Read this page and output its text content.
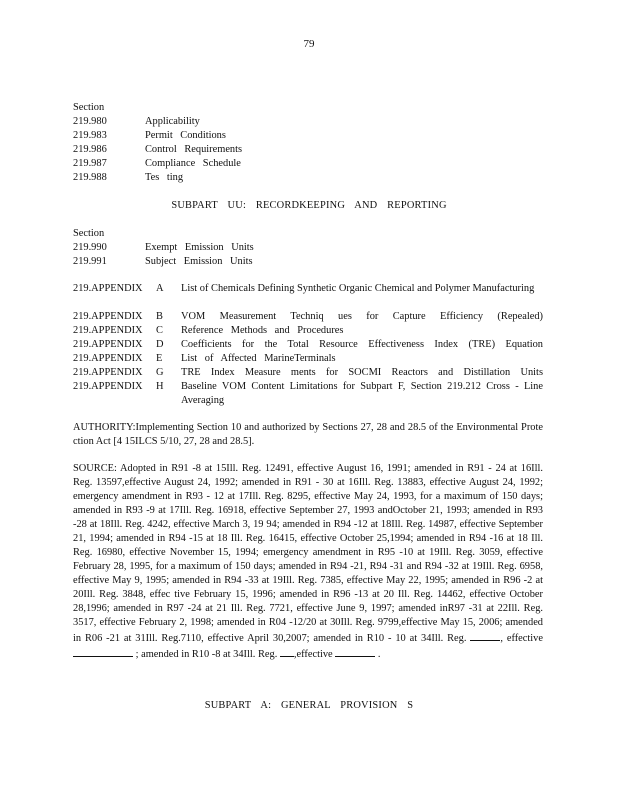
79

Section

219.980	Applicability
219.983	Permit Conditions
219.986	Control Requirements
219.987	Compliance Schedule
219.988	Tes ting

SUBPART UU: RECORDKEEPING AND REPORTING

Section

219.990	Exempt Emission Units
219.991	Subject Emission Units
219.APPENDIX A List of Chemicals Defining Synthetic Organic Chemical and Polymer Manufacturing
219.APPENDIX B VOM Measurement Techniq ues for Capture Efficiency (Repealed)
219.APPENDIX C Reference Methods and Procedures
219.APPENDIX D Coefficients for the Total Resource Effectiveness Index (TRE) Equation
219.APPENDIX E List of Affected MarineTerminals
219.APPENDIX G TRE Index Measure ments for SOCMI Reactors and Distillation Units
219.APPENDIX H Baseline VOM Content Limitations for Subpart F, Section 219.212 Cross - Line Averaging

AUTHORITY:Implementing Section 10 and authorized by Sections 27, 28 and 28.5 of the Environmental Prote ction Act [4 15ILCS 5/10, 27, 28 and 28.5].

SOURCE: Adopted in R91 -8 at 15Ill. Reg. 12491, effective August 16, 1991; amended in R91 - 24 at 16Ill. Reg. 13597,effective August 24, 1992; amended in R91 - 30 at 16Ill. Reg. 13883, effective August 24, 1992; emergency amendment in R93 - 12 at 17Ill. Reg. 8295, effective May 24, 1993, for a maximum of 150 days; amended in R93 -9 at 17Ill. Reg. 16918, effective September 27, 1993 andOctober 21, 1993; amended in R93 -28 at 18Ill. Reg. 4242, effective March 3, 19 94; amended in R94 -12 at 18Ill. Reg. 14987, effective September 21, 1994; amended in R94 -15 at 18 Ill. Reg. 16415, effective October 25,1994; amended in R94 -16 at 18 Ill. Reg. 16980, effective November 15, 1994; emergency amendment in R95 -10 at 19Ill. Reg. 3059, effective February 28, 1995, for a maximum of 150 days; amended in R94 -21, R94 -31 and R94 -32 at 19Ill. Reg. 6958, effective May 9, 1995; amended in R94 -33 at 19Ill. Reg. 7385, effective May 22, 1995; amended in R96 -2 at 20Ill. Reg. 3848, effec tive February 15, 1996; amended in R96 -13 at 20 Ill. Reg. 14462, effective October 28,1996; amended in R97 -24 at 21 Ill. Reg. 7721, effective June 9, 1997; amended inR97 -31 at 22Ill. Reg. 3517, effective February 2, 1998; amended in R04 -12/20 at 30Ill. Reg. 9799,effective May 15, 2006; amended in R06 -21 at 31Ill. Reg.7110, effective April 30,2007; amended in R10 - 10 at 34Ill. Reg.	, effective  ; amended in R10 -8 at 34Ill. Reg. ,effective	.

SUBPART A: GENERAL PROVISION S
